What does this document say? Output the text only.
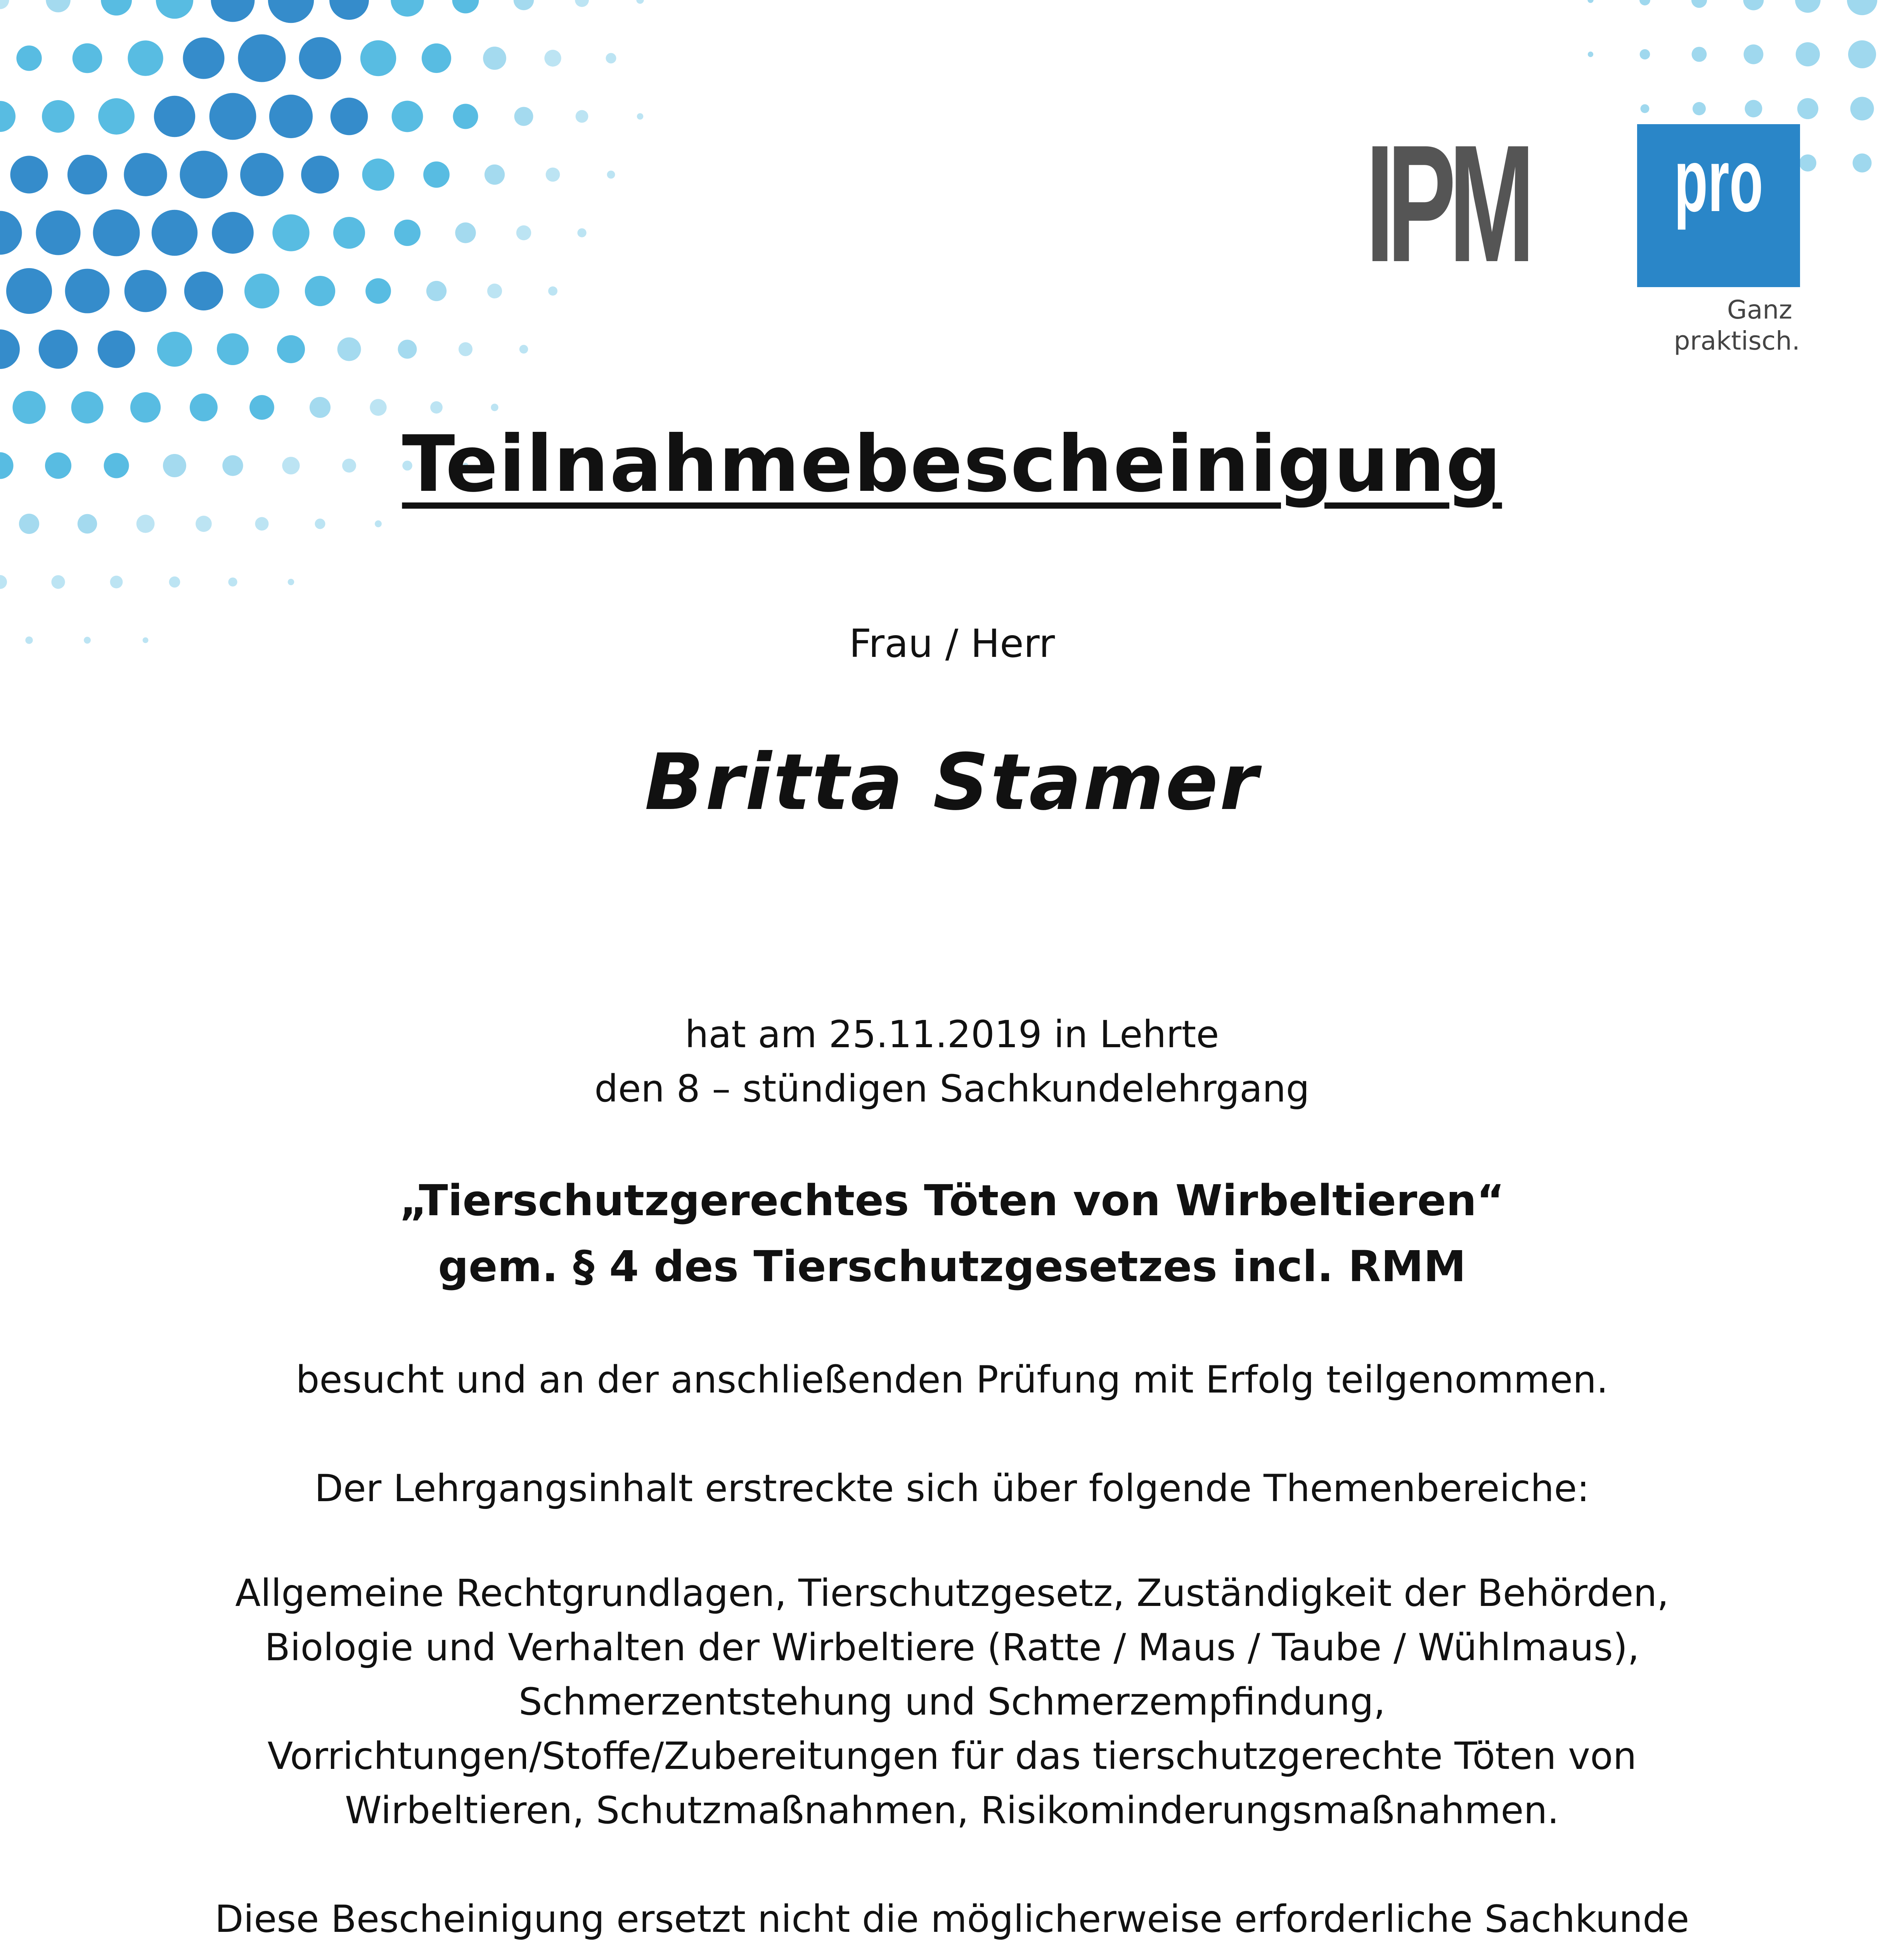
IPM pro
Ganz
praktisch.
Teilnahmebescheinigung

Frau / Herr

Britta Stamer

hat am 25.11.2019 in Lehrte

den 8 – stündigen Sachkundelehrgang

„Tierschutzgerechtes Töten von Wirbeltieren“

gem. § 4 des Tierschutzgesetzes incl. RMM

besucht und an der anschließenden Prüfung mit Erfolg teilgenommen.

Der Lehrgangsinhalt erstreckte sich über folgende Themenbereiche:

Allgemeine Rechtgrundlagen, Tierschutzgesetz, Zuständigkeit der Behörden,

Biologie und Verhalten der Wirbeltiere (Ratte / Maus / Taube / Wühlmaus),

Schmerzentstehung und Schmerzempfindung,

Vorrichtungen/Stoffe/Zubereitungen für das tierschutzgerechte Töten von

Wirbeltieren, Schutzmaßnahmen, Risikominderungsmaßnahmen.

Diese Bescheinigung ersetzt nicht die möglicherweise erforderliche Sachkunde
